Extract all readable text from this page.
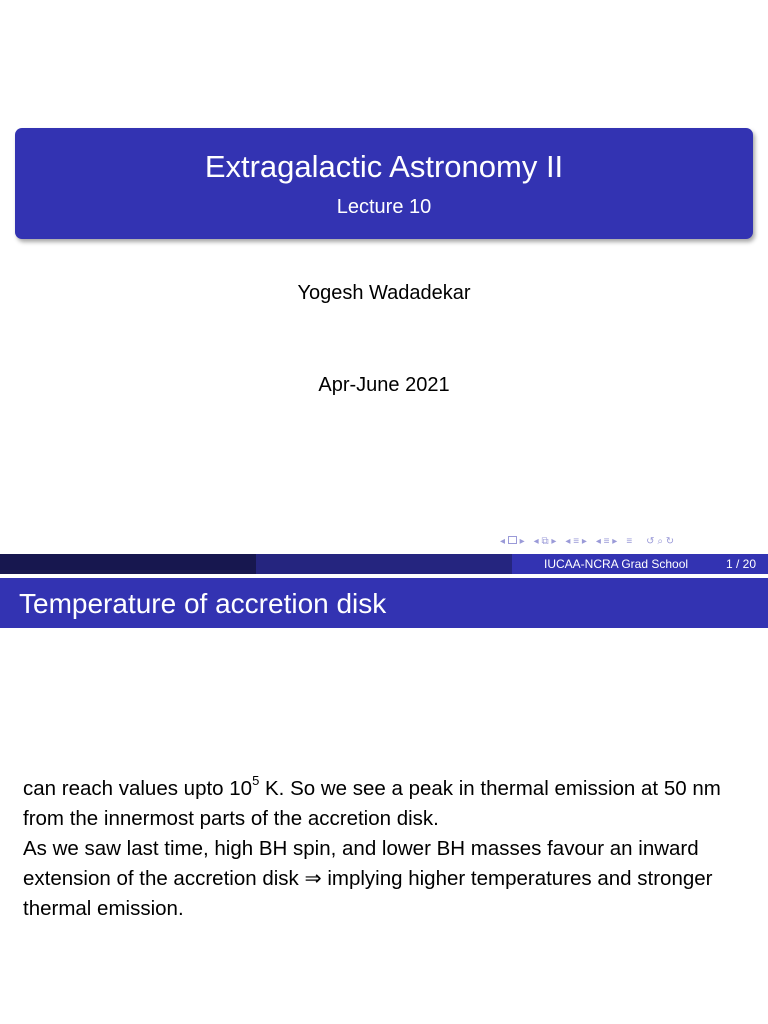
Extragalactic Astronomy II
Lecture 10
Yogesh Wadadekar
Apr-June 2021
◂ ▸ ◂ ⧉ ▸ ◂ ≡ ▸ ◂ ≡ ▸ ≡ ↺ ⌕ ↻
IUCAA-NCRA Grad School	1 / 20
Temperature of accretion disk

can reach values upto $10^5$ K. So we see a peak in thermal emission at 50 nm from the innermost parts of the accretion disk.

As we saw last time, high BH spin, and lower BH masses favour an inward extension of the accretion disk ⇒ implying higher temperatures and stronger thermal emission.
